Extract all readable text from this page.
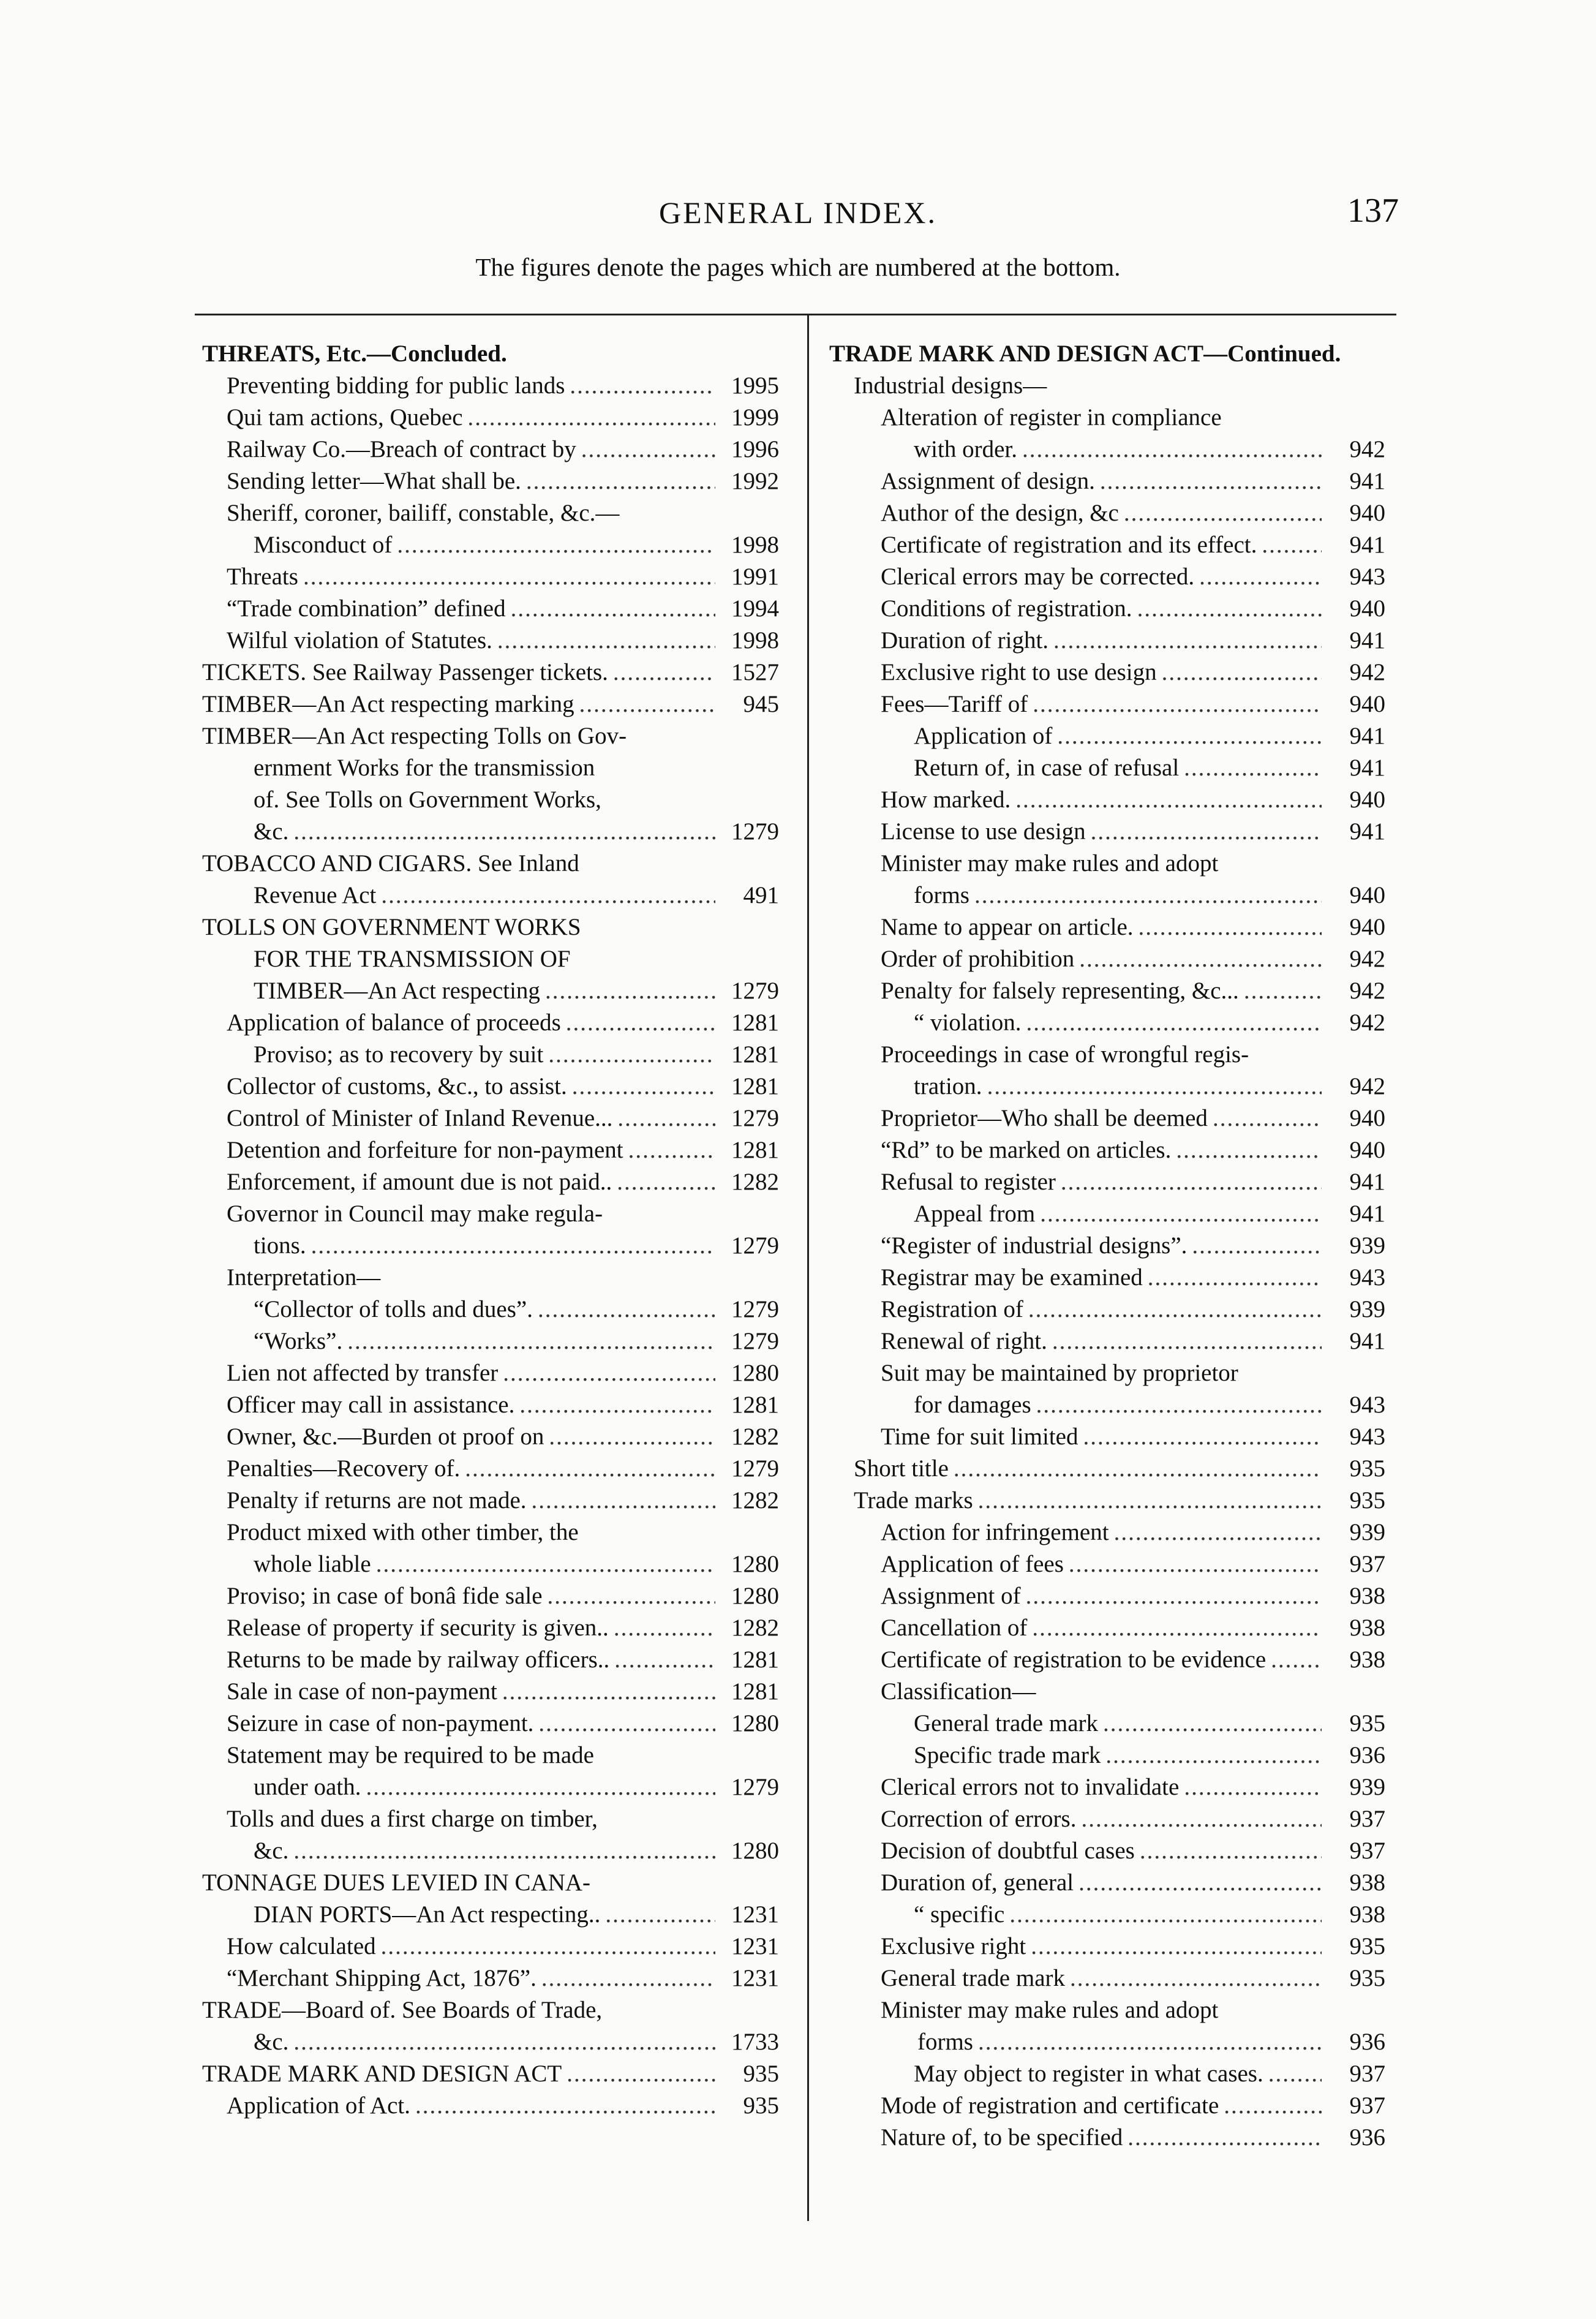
GENERAL INDEX.	137
The figures denote the pages which are numbered at the bottom.
THREATS, Etc.—Concluded.
Preventing bidding for public lands .....	1995
Qui tam actions, Quebec .....	1999
Railway Co.—Breach of contract by .....	1996
Sending letter—What shall be. .....	1992
Sheriff, coroner, bailiff, constable, &c.—
Misconduct of .....	1998
Threats .....	1991
“Trade combination” defined .....	1994
Wilful violation of Statutes. .....	1998
TICKETS. See Railway Passenger tickets. .....	1527
TIMBER—An Act respecting marking .....	945
TIMBER—An Act respecting Tolls on Gov-
ernment Works for the transmission
of. See Tolls on Government Works,
&c. .....	1279
TOBACCO AND CIGARS. See Inland
Revenue Act .....	491
TOLLS ON GOVERNMENT WORKS
FOR THE TRANSMISSION OF
TIMBER—An Act respecting .....	1279
Application of balance of proceeds .....	1281
Proviso; as to recovery by suit .....	1281
Collector of customs, &c., to assist. .....	1281
Control of Minister of Inland Revenue... .....	1279
Detention and forfeiture for non-payment .....	1281
Enforcement, if amount due is not paid.. .....	1282
Governor in Council may make regula-
tions. .....	1279
Interpretation—
“Collector of tolls and dues”. .....	1279
“Works”. .....	1279
Lien not affected by transfer .....	1280
Officer may call in assistance. .....	1281
Owner, &c.—Burden ot proof on .....	1282
Penalties—Recovery of. .....	1279
Penalty if returns are not made. .....	1282
Product mixed with other timber, the
whole liable .....	1280
Proviso; in case of bonâ fide sale .....	1280
Release of property if security is given.. .....	1282
Returns to be made by railway officers.. .....	1281
Sale in case of non-payment .....	1281
Seizure in case of non-payment. .....	1280
Statement may be required to be made
under oath. .....	1279
Tolls and dues a first charge on timber,
&c. .....	1280
TONNAGE DUES LEVIED IN CANA-
DIAN PORTS—An Act respecting.. .....	1231
How calculated .....	1231
“Merchant Shipping Act, 1876”. .....	1231
TRADE—Board of. See Boards of Trade,
&c. .....	1733
TRADE MARK AND DESIGN ACT .....	935
Application of Act. .....	935
TRADE MARK AND DESIGN ACT—Continued.
Industrial designs—
Alteration of register in compliance
with order. .....	942
Assignment of design. .....	941
Author of the design, &c .....	940
Certificate of registration and its effect. .....	941
Clerical errors may be corrected. .....	943
Conditions of registration. .....	940
Duration of right. .....	941
Exclusive right to use design .....	942
Fees—Tariff of .....	940
Application of .....	941
Return of, in case of refusal .....	941
How marked. .....	940
License to use design .....	941
Minister may make rules and adopt
forms .....	940
Name to appear on article. .....	940
Order of prohibition .....	942
Penalty for falsely representing, &c... .....	942
“ violation. .....	942
Proceedings in case of wrongful regis-
tration. .....	942
Proprietor—Who shall be deemed .....	940
“Rd” to be marked on articles. .....	940
Refusal to register .....	941
Appeal from .....	941
“Register of industrial designs”. .....	939
Registrar may be examined .....	943
Registration of .....	939
Renewal of right. .....	941
Suit may be maintained by proprietor
for damages .....	943
Time for suit limited .....	943
Short title .....	935
Trade marks .....	935
Action for infringement .....	939
Application of fees .....	937
Assignment of .....	938
Cancellation of .....	938
Certificate of registration to be evidence .....	938
Classification—
General trade mark .....	935
Specific trade mark .....	936
Clerical errors not to invalidate .....	939
Correction of errors. .....	937
Decision of doubtful cases .....	937
Duration of, general .....	938
“ specific .....	938
Exclusive right .....	935
General trade mark .....	935
Minister may make rules and adopt
forms .....	936
May object to register in what cases. .....	937
Mode of registration and certificate .....	937
Nature of, to be specified .....	936
